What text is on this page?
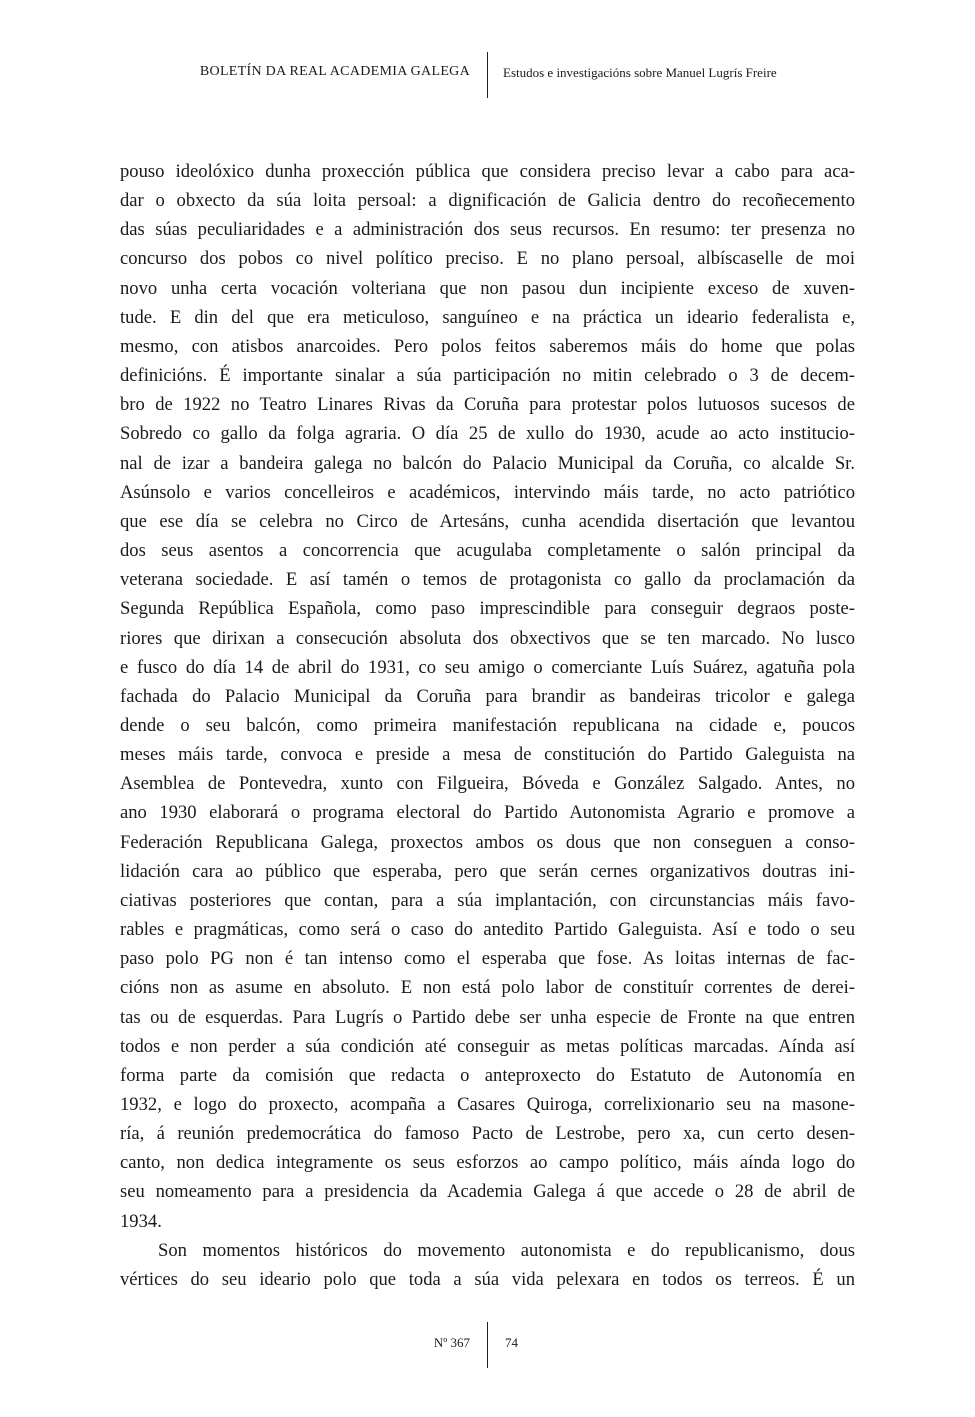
BOLETÍN DA REAL ACADEMIA GALEGA	Estudos e investigacións sobre Manuel Lugrís Freire
pouso ideolóxico dunha proxección pública que considera preciso levar a cabo para aca-
dar o obxecto da súa loita persoal: a dignificación de Galicia dentro do recoñecemento
das súas peculiaridades e a administración dos seus recursos. En resumo: ter presenza no
concurso dos pobos co nivel político preciso. E no plano persoal, albíscaselle de moi
novo unha certa vocación volteriana que non pasou dun incipiente exceso de xuven-
tude. E din del que era meticuloso, sanguíneo e na práctica un ideario federalista e,
mesmo, con atisbos anarcoides. Pero polos feitos saberemos máis do home que polas
definicións. É importante sinalar a súa participación no mitin celebrado o 3 de decem-
bro de 1922 no Teatro Linares Rivas da Coruña para protestar polos lutuosos sucesos de
Sobredo co gallo da folga agraria. O día 25 de xullo do 1930, acude ao acto institucio-
nal de izar a bandeira galega no balcón do Palacio Municipal da Coruña, co alcalde Sr.
Asúnsolo e varios concelleiros e académicos, intervindo máis tarde, no acto patriótico
que ese día se celebra no Circo de Artesáns, cunha acendida disertación que levantou
dos seus asentos a concorrencia que acugulaba completamente o salón principal da
veterana sociedade. E así tamén o temos de protagonista co gallo da proclamación da
Segunda República Española, como paso imprescindible para conseguir degraos poste-
riores que dirixan a consecución absoluta dos obxectivos que se ten marcado. No lusco
e fusco do día 14 de abril do 1931, co seu amigo o comerciante Luís Suárez, agatuña pola
fachada do Palacio Municipal da Coruña para brandir as bandeiras tricolor e galega
dende o seu balcón, como primeira manifestación republicana na cidade e, poucos
meses máis tarde, convoca e preside a mesa de constitución do Partido Galeguista na
Asemblea de Pontevedra, xunto con Filgueira, Bóveda e González Salgado. Antes, no
ano 1930 elaborará o programa electoral do Partido Autonomista Agrario e promove a
Federación Republicana Galega, proxectos ambos os dous que non conseguen a conso-
lidación cara ao público que esperaba, pero que serán cernes organizativos doutras ini-
ciativas posteriores que contan, para a súa implantación, con circunstancias máis favo-
rables e pragmáticas, como será o caso do antedito Partido Galeguista. Así e todo o seu
paso polo PG non é tan intenso como el esperaba que fose. As loitas internas de fac-
cións non as asume en absoluto. E non está polo labor de constituír correntes de derei-
tas ou de esquerdas. Para Lugrís o Partido debe ser unha especie de Fronte na que entren
todos e non perder a súa condición até conseguir as metas políticas marcadas. Aínda así
forma parte da comisión que redacta o anteproxecto do Estatuto de Autonomía en
1932, e logo do proxecto, acompaña a Casares Quiroga, correlixionario seu na masone-
ría, á reunión predemocrática do famoso Pacto de Lestrobe, pero xa, cun certo desen-
canto, non dedica integramente os seus esforzos ao campo político, máis aínda logo do
seu nomeamento para a presidencia da Academia Galega á que accede o 28 de abril de
1934.
Son momentos históricos do movemento autonomista e do republicanismo, dous
vértices do seu ideario polo que toda a súa vida pelexara en todos os terreos. É un
Nº 367	74
